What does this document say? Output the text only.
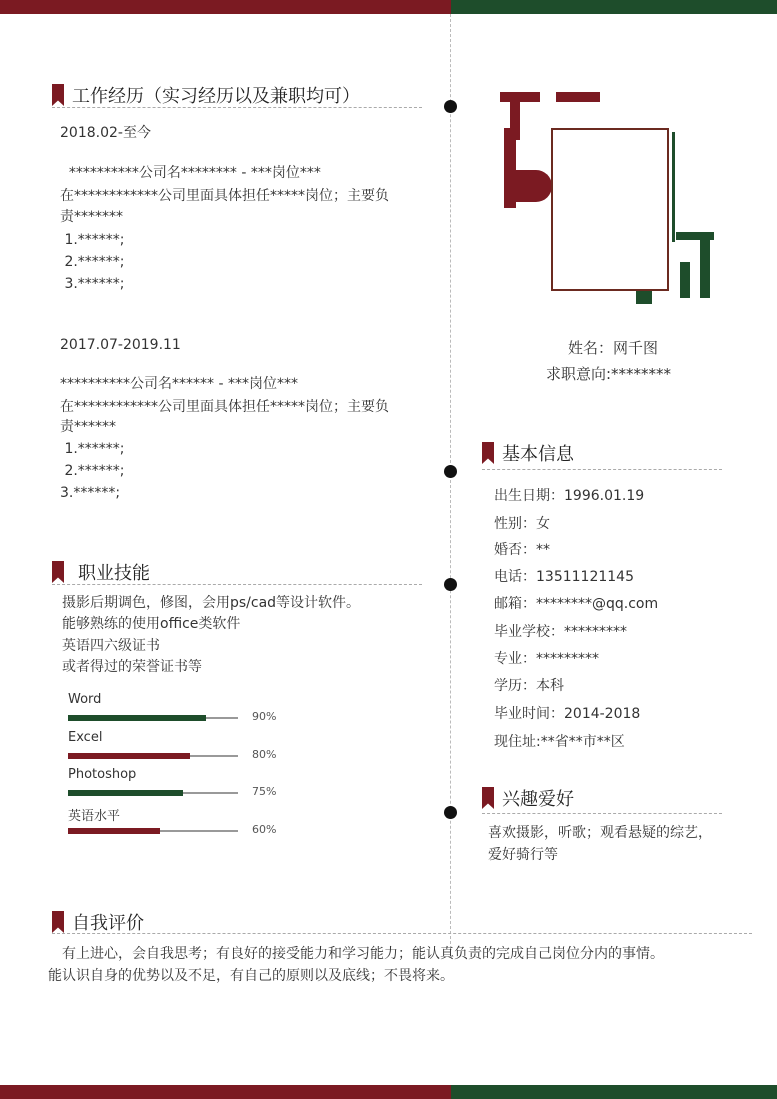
工作经历（实习经历以及兼职均可）
2018.02-至今
**********公司名******** - ***岗位***
在************公司里面具体担任*****岗位；主要负
责*******
1.******;
2.******;
3.******;
2017.07-2019.11
**********公司名****** - ***岗位***
在************公司里面具体担任*****岗位；主要负
责******
1.******;
2.******;
3.******;
职业技能
摄影后期调色，修图，会用ps/cad等设计软件。
能够熟练的使用office类软件
英语四六级证书
或者得过的荣誉证书等
Word
90%
Excel
80%
Photoshop
75%
英语水平
60%
自我评价
有上进心，会自我思考；有良好的接受能力和学习能力；能认真负责的完成自己岗位分内的事情。
能认识自身的优势以及不足，有自己的原则以及底线；不畏将来。
姓名：网千图
求职意向:********
基本信息
出生日期：1996.01.19
性别：女
婚否：**
电话：13511121145
邮箱：********@qq.com
毕业学校：*********
专业：*********
学历：本科
毕业时间：2014-2018
现住址:**省**市**区
兴趣爱好
喜欢摄影，听歌；观看悬疑的综艺，
爱好骑行等
